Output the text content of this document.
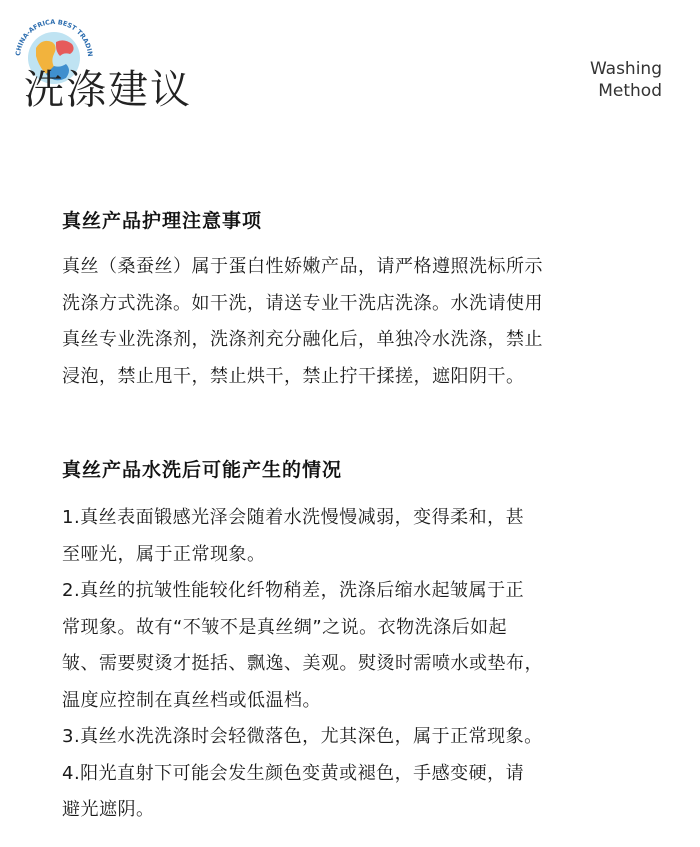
CHINA-AFRICA BEST TRADIN
洗涤建议	Washing
Method
真丝产品护理注意事项

真丝（桑蚕丝）属于蛋白性娇嫩产品，请严格遵照洗标所示

洗涤方式洗涤。如干洗，请送专业干洗店洗涤。水洗请使用

真丝专业洗涤剂，洗涤剂充分融化后，单独冷水洗涤，禁止

浸泡，禁止甩干，禁止烘干，禁止拧干揉搓，遮阳阴干。

真丝产品水洗后可能产生的情况

1.真丝表面锻感光泽会随着水洗慢慢减弱，变得柔和，甚

至哑光，属于正常现象。

2.真丝的抗皱性能较化纤物稍差，洗涤后缩水起皱属于正

常现象。故有“不皱不是真丝绸”之说。衣物洗涤后如起

皱、需要熨烫才挺括、飘逸、美观。熨烫时需喷水或垫布，

温度应控制在真丝档或低温档。

3.真丝水洗洗涤时会轻微落色，尤其深色，属于正常现象。

4.阳光直射下可能会发生颜色变黄或褪色，手感变硬，请

避光遮阴。
